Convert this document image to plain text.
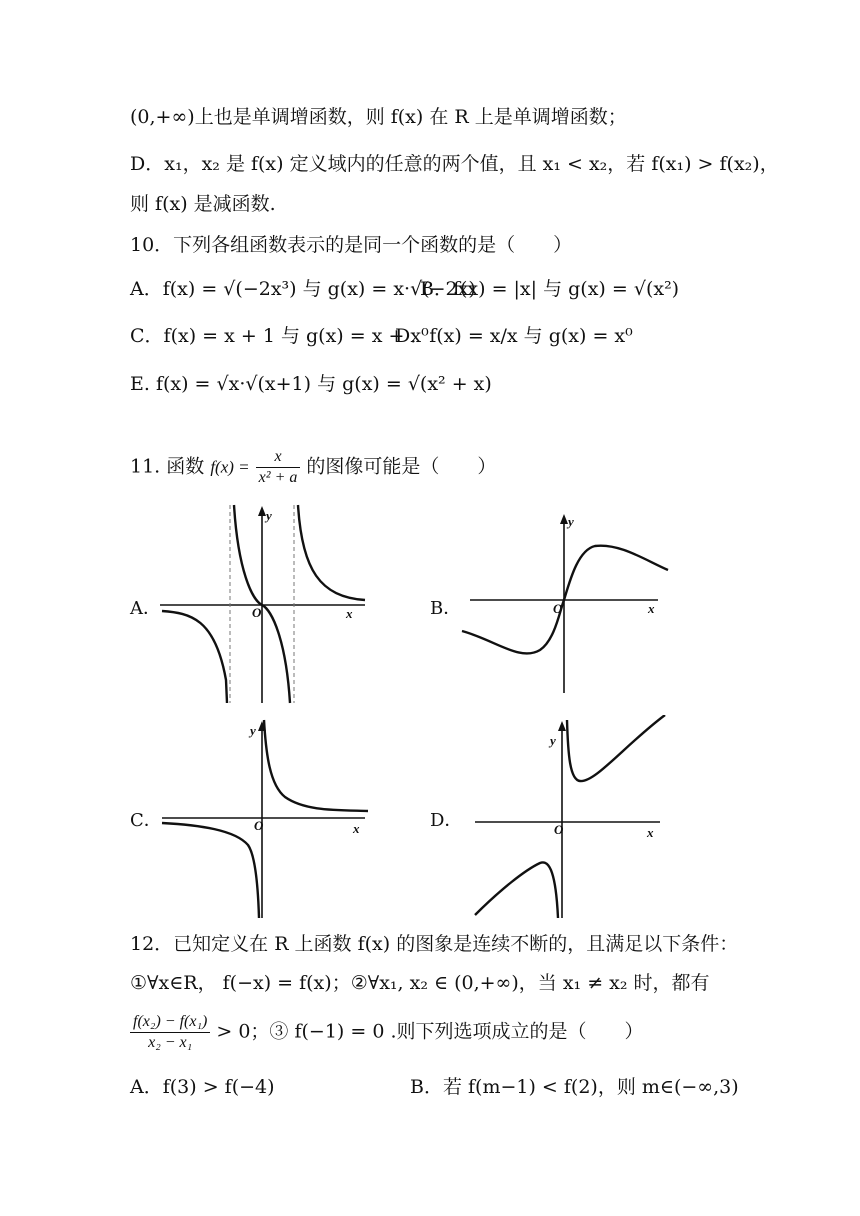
(0,+∞)上也是单调增函数，则 f(x) 在 R 上是单调增函数；
D．x₁，x₂ 是 f(x) 定义域内的任意的两个值，且 x₁ < x₂，若 f(x₁) > f(x₂)，
则 f(x) 是减函数.
10．下列各组函数表示的是同一个函数的是（　　）
A．f(x) = √(−2x³) 与 g(x) = x·√(−2x)
B．f(x) = |x| 与 g(x) = √(x²)
C．f(x) = x + 1 与 g(x) = x + x⁰
D．f(x) = x/x 与 g(x) = x⁰
E. f(x) = √x·√(x+1) 与 g(x) = √(x² + x)
11. 函数 $f(x) = \frac{x}{\text{x² + a}}$ 的图像可能是（　　）
A．	B．
C．	D．
y
x
O
y
x
O
y
x
O
y
x
O
12．已知定义在 R 上函数 f(x) 的图象是连续不断的，且满足以下条件：
①∀x∈R， f(−x) = f(x)；②∀x₁, x₂ ∈ (0,+∞)，当 x₁ ≠ x₂ 时，都有
$\frac{\text{f(x₂) − f(x₁)}}{\text{x₂ − x₁}} > 0$；③ f(−1) = 0 .则下列选项成立的是（　　）
A．f(3) > f(−4)	B．若 f(m−1) < f(2)，则 m∈(−∞,3)
